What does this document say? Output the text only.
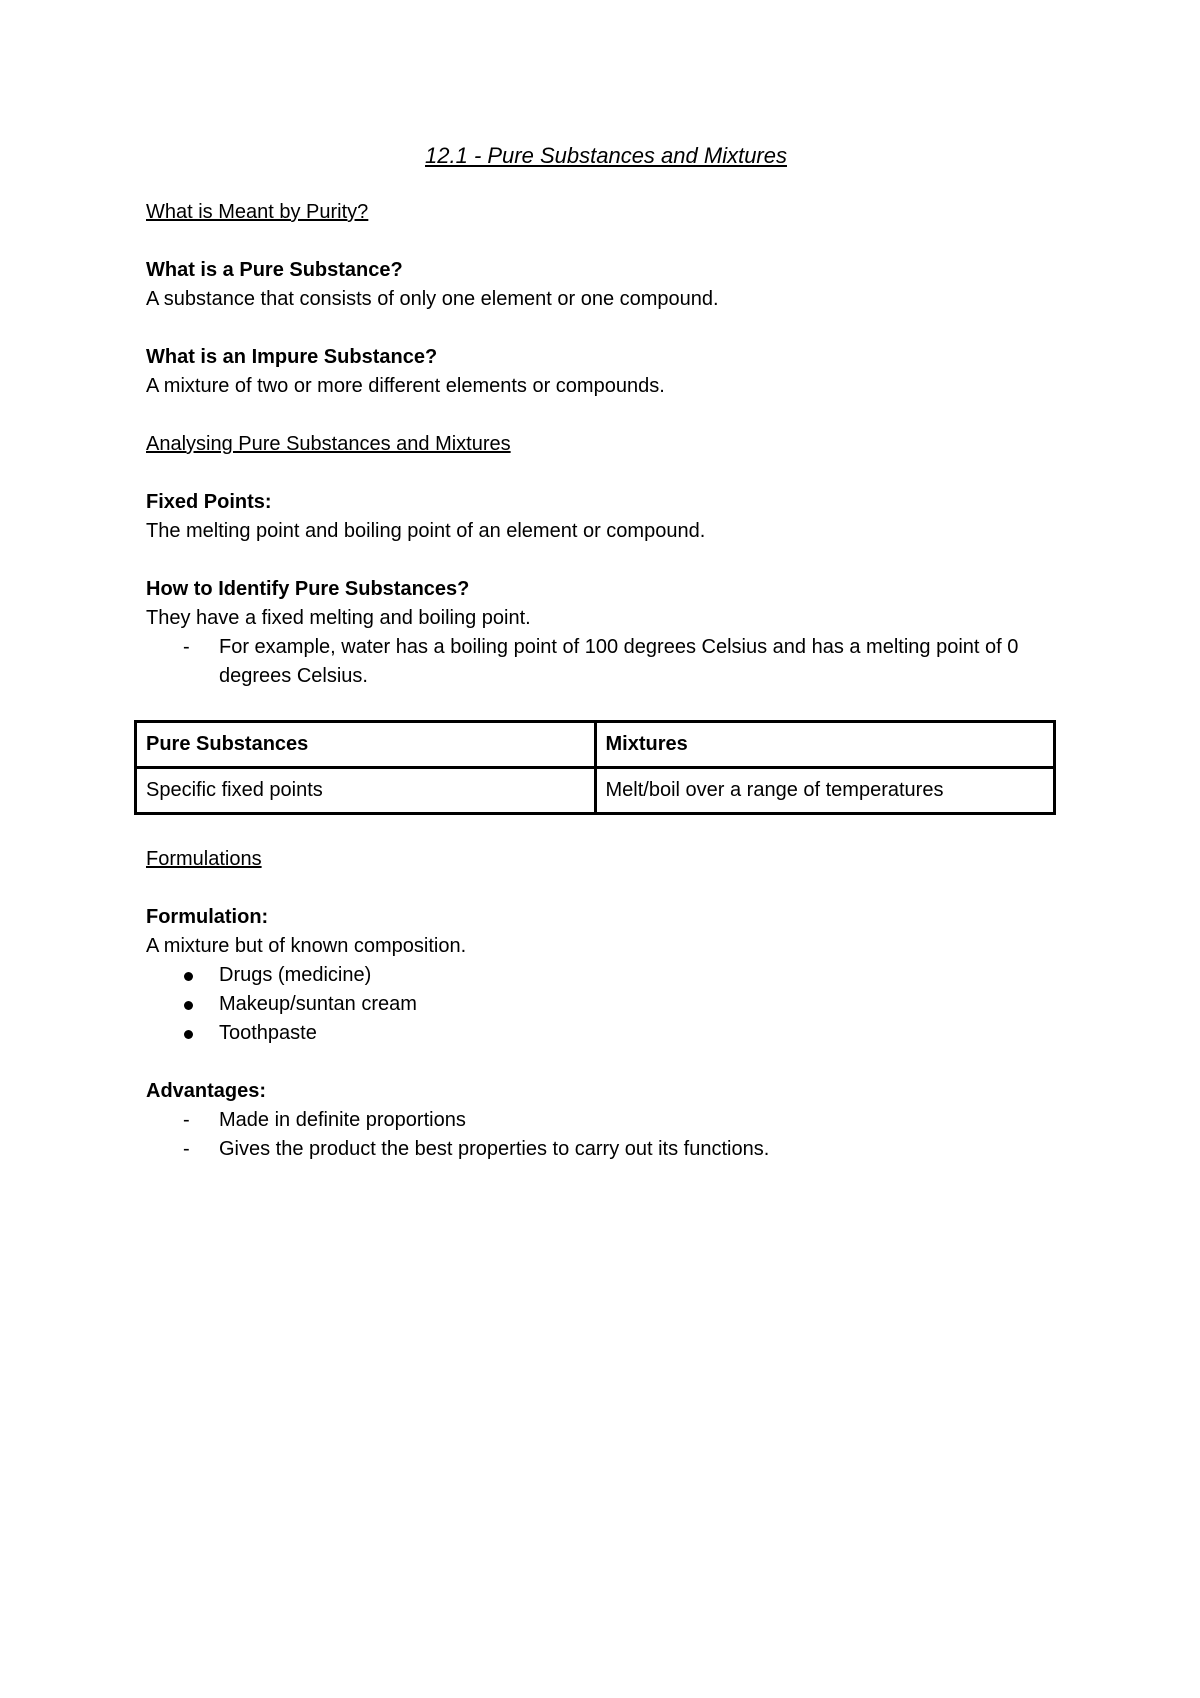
12.1 - Pure Substances and Mixtures
What is Meant by Purity?

What is a Pure Substance?

A substance that consists of only one element or one compound.

What is an Impure Substance?

A mixture of two or more different elements or compounds.

Analysing Pure Substances and Mixtures

Fixed Points:

The melting point and boiling point of an element or compound.

How to Identify Pure Substances?

They have a fixed melting and boiling point.

- For example, water has a boiling point of 100 degrees Celsius and has a melting point of 0 degrees Celsius.
Pure Substances	Mixtures
Specific fixed points	Melt/boil over a range of temperatures
Formulations

Formulation:

A mixture but of known composition.

Drugs (medicine)
Makeup/suntan cream
Toothpaste

Advantages:

- Made in definite proportions
- Gives the product the best properties to carry out its functions.
